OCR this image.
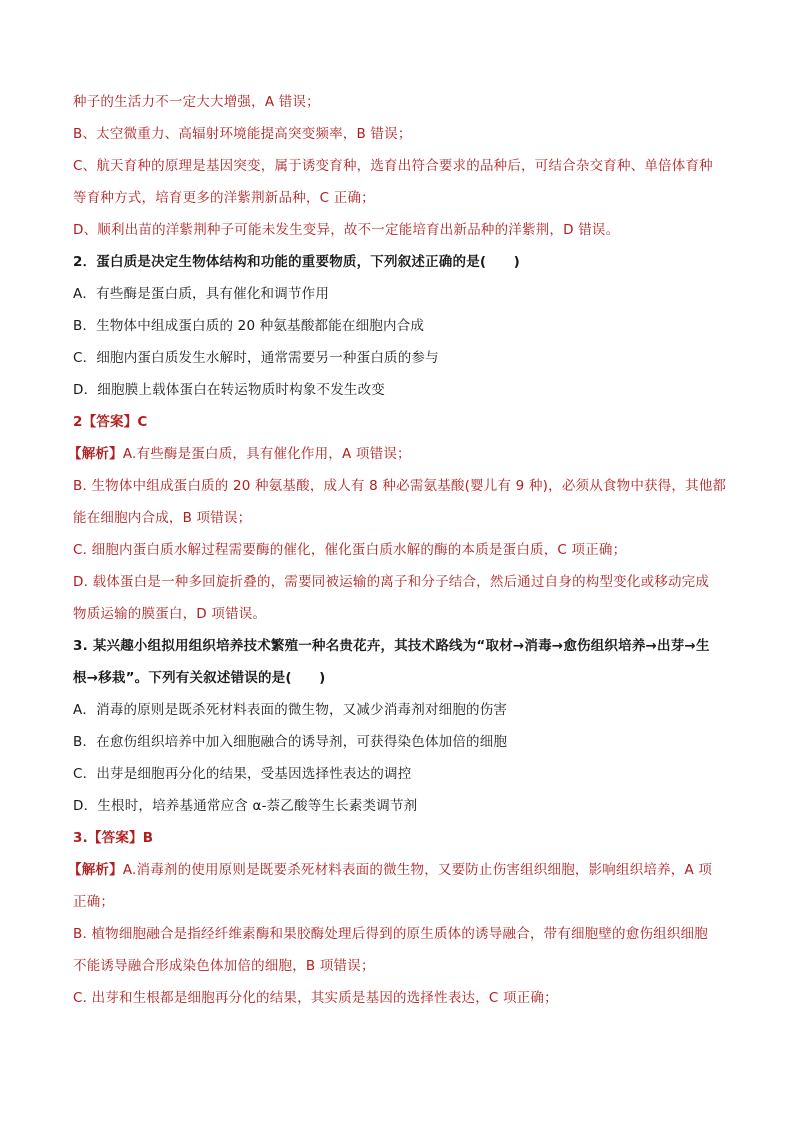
种子的生活力不一定大大增强，A 错误；
B、太空微重力、高辐射环境能提高突变频率，B 错误；
C、航天育种的原理是基因突变，属于诱变育种，选育出符合要求的品种后，可结合杂交育种、单倍体育种
等育种方式，培育更多的洋紫荆新品种，C 正确；
D、顺利出苗的洋紫荆种子可能未发生变异，故不一定能培育出新品种的洋紫荆，D 错误。
2．蛋白质是决定生物体结构和功能的重要物质，下列叙述正确的是(　　)
A．有些酶是蛋白质，具有催化和调节作用
B．生物体中组成蛋白质的 20 种氨基酸都能在细胞内合成
C．细胞内蛋白质发生水解时，通常需要另一种蛋白质的参与
D．细胞膜上载体蛋白在转运物质时构象不发生改变
2【答案】C
【解析】A.有些酶是蛋白质，具有催化作用，A 项错误；
B. 生物体中组成蛋白质的 20 种氨基酸，成人有 8 种必需氨基酸(婴儿有 9 种)，必须从食物中获得，其他都
能在细胞内合成，B 项错误；
C. 细胞内蛋白质水解过程需要酶的催化，催化蛋白质水解的酶的本质是蛋白质，C 项正确；
D. 载体蛋白是一种多回旋折叠的，需要同被运输的离子和分子结合，然后通过自身的构型变化或移动完成
物质运输的膜蛋白，D 项错误。
3. 某兴趣小组拟用组织培养技术繁殖一种名贵花卉，其技术路线为“取材→消毒→愈伤组织培养→出芽→生
根→移栽”。下列有关叙述错误的是(　　)
A．消毒的原则是既杀死材料表面的微生物，又减少消毒剂对细胞的伤害
B．在愈伤组织培养中加入细胞融合的诱导剂，可获得染色体加倍的细胞
C．出芽是细胞再分化的结果，受基因选择性表达的调控
D．生根时，培养基通常应含 α-萘乙酸等生长素类调节剂
3.【答案】B
【解析】A.消毒剂的使用原则是既要杀死材料表面的微生物，又要防止伤害组织细胞，影响组织培养，A 项
正确；
B. 植物细胞融合是指经纤维素酶和果胶酶处理后得到的原生质体的诱导融合，带有细胞壁的愈伤组织细胞
不能诱导融合形成染色体加倍的细胞，B 项错误；
C. 出芽和生根都是细胞再分化的结果，其实质是基因的选择性表达，C 项正确；
